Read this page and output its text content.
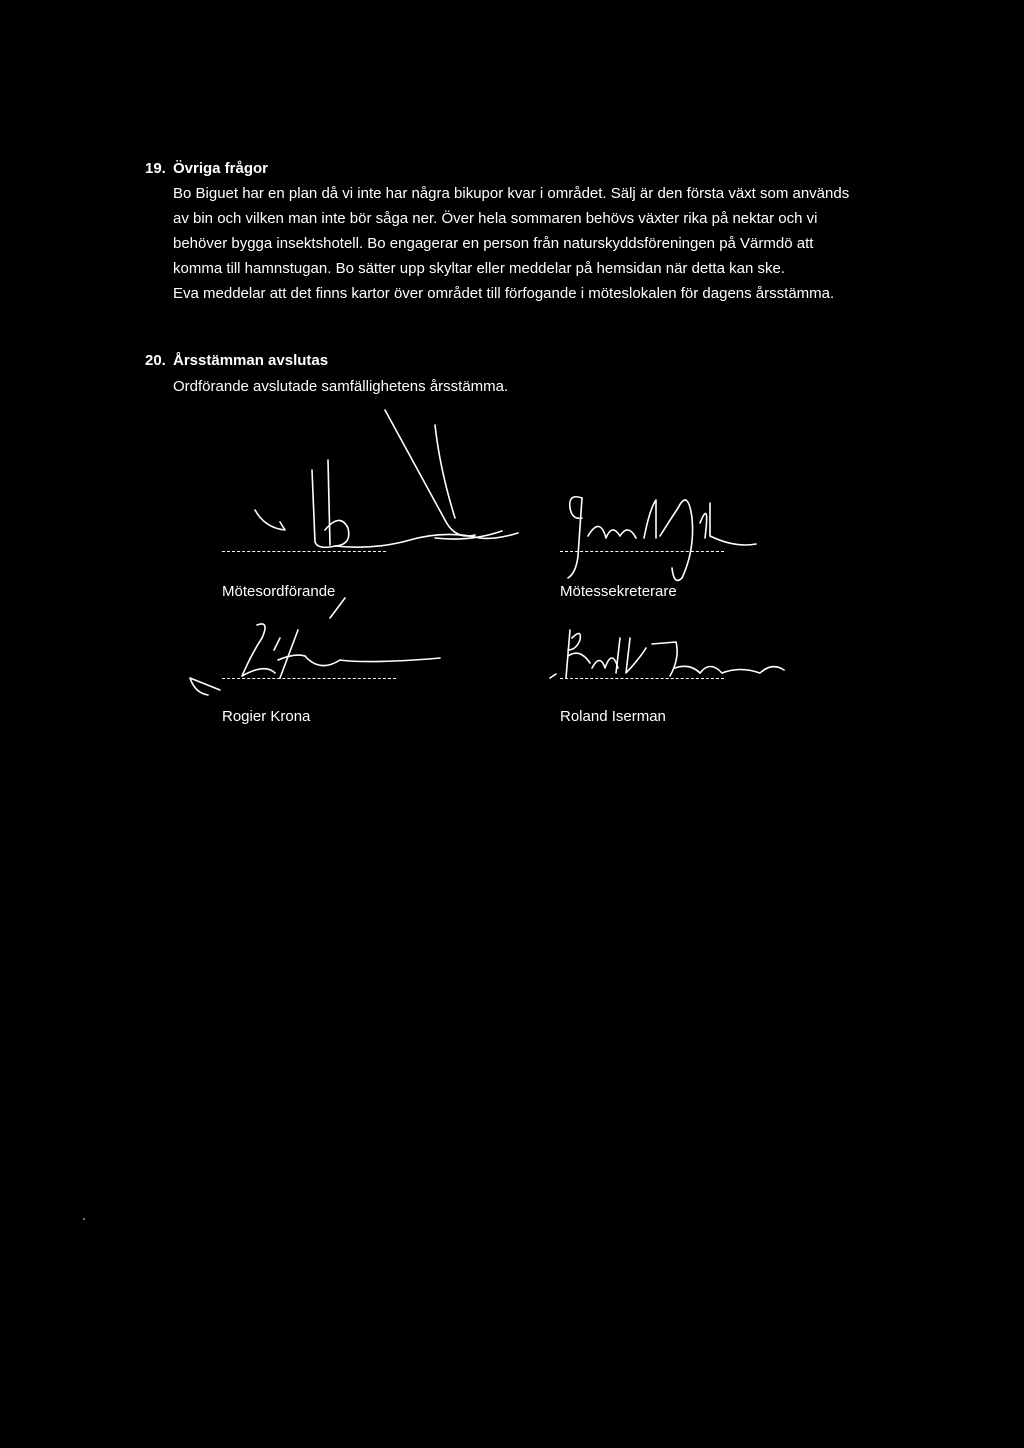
19. Övriga frågor
Bo Biguet har en plan då vi inte har några bikupor kvar i området. Sälj är den första växt som används
av bin och vilken man inte bör såga ner. Över hela sommaren behövs växter rika på nektar och vi
behöver bygga insektshotell. Bo engagerar en person från naturskyddsföreningen på Värmdö att
komma till hamnstugan. Bo sätter upp skyltar eller meddelar på hemsidan när detta kan ske.
Eva meddelar att det finns kartor över området till förfogande i möteslokalen för dagens årsstämma.
20. Årsstämman avslutas
Ordförande avslutade samfällighetens årsstämma.
Mötesordförande	Mötessekreterare
Rogier Krona	Roland Iserman
